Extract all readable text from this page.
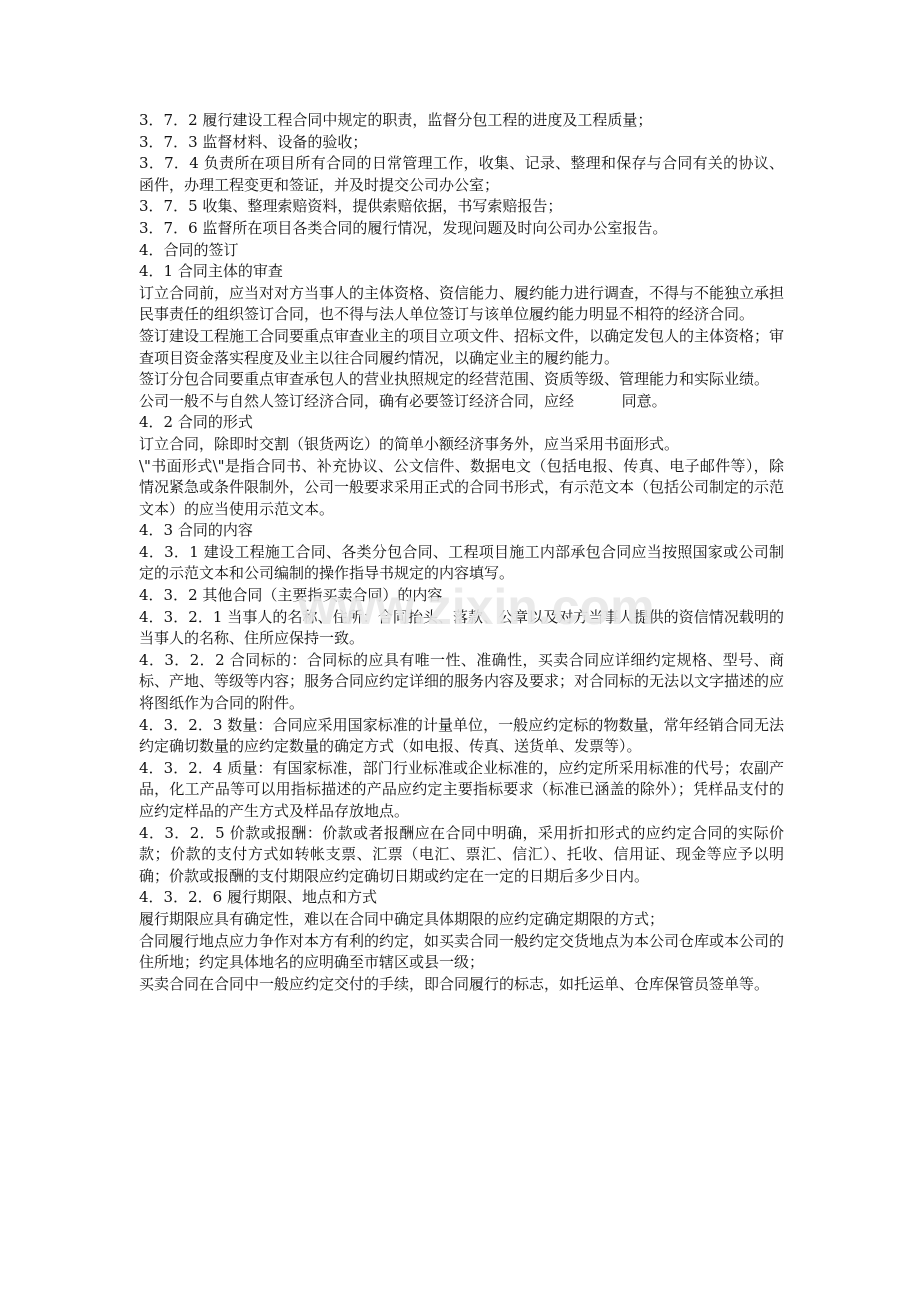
3．7．2 履行建设工程合同中规定的职责，监督分包工程的进度及工程质量；

3．7．3 监督材料、设备的验收；

3．7．4 负责所在项目所有合同的日常管理工作，收集、记录、整理和保存与合同有关的协议、函件，办理工程变更和签证，并及时提交公司办公室；

3．7．5 收集、整理索赔资料，提供索赔依据，书写索赔报告；

3．7．6 监督所在项目各类合同的履行情况，发现问题及时向公司办公室报告。

4．合同的签订

4．1 合同主体的审查

订立合同前，应当对对方当事人的主体资格、资信能力、履约能力进行调查，不得与不能独立承担民事责任的组织签订合同，也不得与法人单位签订与该单位履约能力明显不相符的经济合同。

签订建设工程施工合同要重点审查业主的项目立项文件、招标文件，以确定发包人的主体资格；审查项目资金落实程度及业主以往合同履约情况，以确定业主的履约能力。

签订分包合同要重点审查承包人的营业执照规定的经营范围、资质等级、管理能力和实际业绩。

公司一般不与自然人签订经济合同，确有必要签订经济合同，应经          同意。

4．2 合同的形式

订立合同，除即时交割（银货两讫）的简单小额经济事务外，应当采用书面形式。

\"书面形式\"是指合同书、补充协议、公文信件、数据电文（包括电报、传真、电子邮件等），除情况紧急或条件限制外，公司一般要求采用正式的合同书形式，有示范文本（包括公司制定的示范文本）的应当使用示范文本。

4．3 合同的内容

4．3．1 建设工程施工合同、各类分包合同、工程项目施工内部承包合同应当按照国家或公司制定的示范文本和公司编制的操作指导书规定的内容填写。

4．3．2 其他合同（主要指买卖合同）的内容

4．3．2．1 当事人的名称、住所：合同抬头、落款、公章以及对方当事人提供的资信情况载明的当事人的名称、住所应保持一致。

4．3．2．2 合同标的：合同标的应具有唯一性、准确性，买卖合同应详细约定规格、型号、商标、产地、等级等内容；服务合同应约定详细的服务内容及要求；对合同标的无法以文字描述的应将图纸作为合同的附件。

4．3．2．3 数量：合同应采用国家标准的计量单位，一般应约定标的物数量，常年经销合同无法约定确切数量的应约定数量的确定方式（如电报、传真、送货单、发票等）。

4．3．2．4 质量：有国家标准，部门行业标准或企业标准的，应约定所采用标准的代号；农副产品，化工产品等可以用指标描述的产品应约定主要指标要求（标准已涵盖的除外）；凭样品支付的应约定样品的产生方式及样品存放地点。

4．3．2．5 价款或报酬：价款或者报酬应在合同中明确，采用折扣形式的应约定合同的实际价款；价款的支付方式如转帐支票、汇票（电汇、票汇、信汇）、托收、信用证、现金等应予以明确；价款或报酬的支付期限应约定确切日期或约定在一定的日期后多少日内。

4．3．2．6 履行期限、地点和方式

履行期限应具有确定性，难以在合同中确定具体期限的应约定确定期限的方式；

合同履行地点应力争作对本方有利的约定，如买卖合同一般约定交货地点为本公司仓库或本公司的住所地；约定具体地名的应明确至市辖区或县一级；

买卖合同在合同中一般应约定交付的手续，即合同履行的标志，如托运单、仓库保管员签单等。

www.zixin.com
